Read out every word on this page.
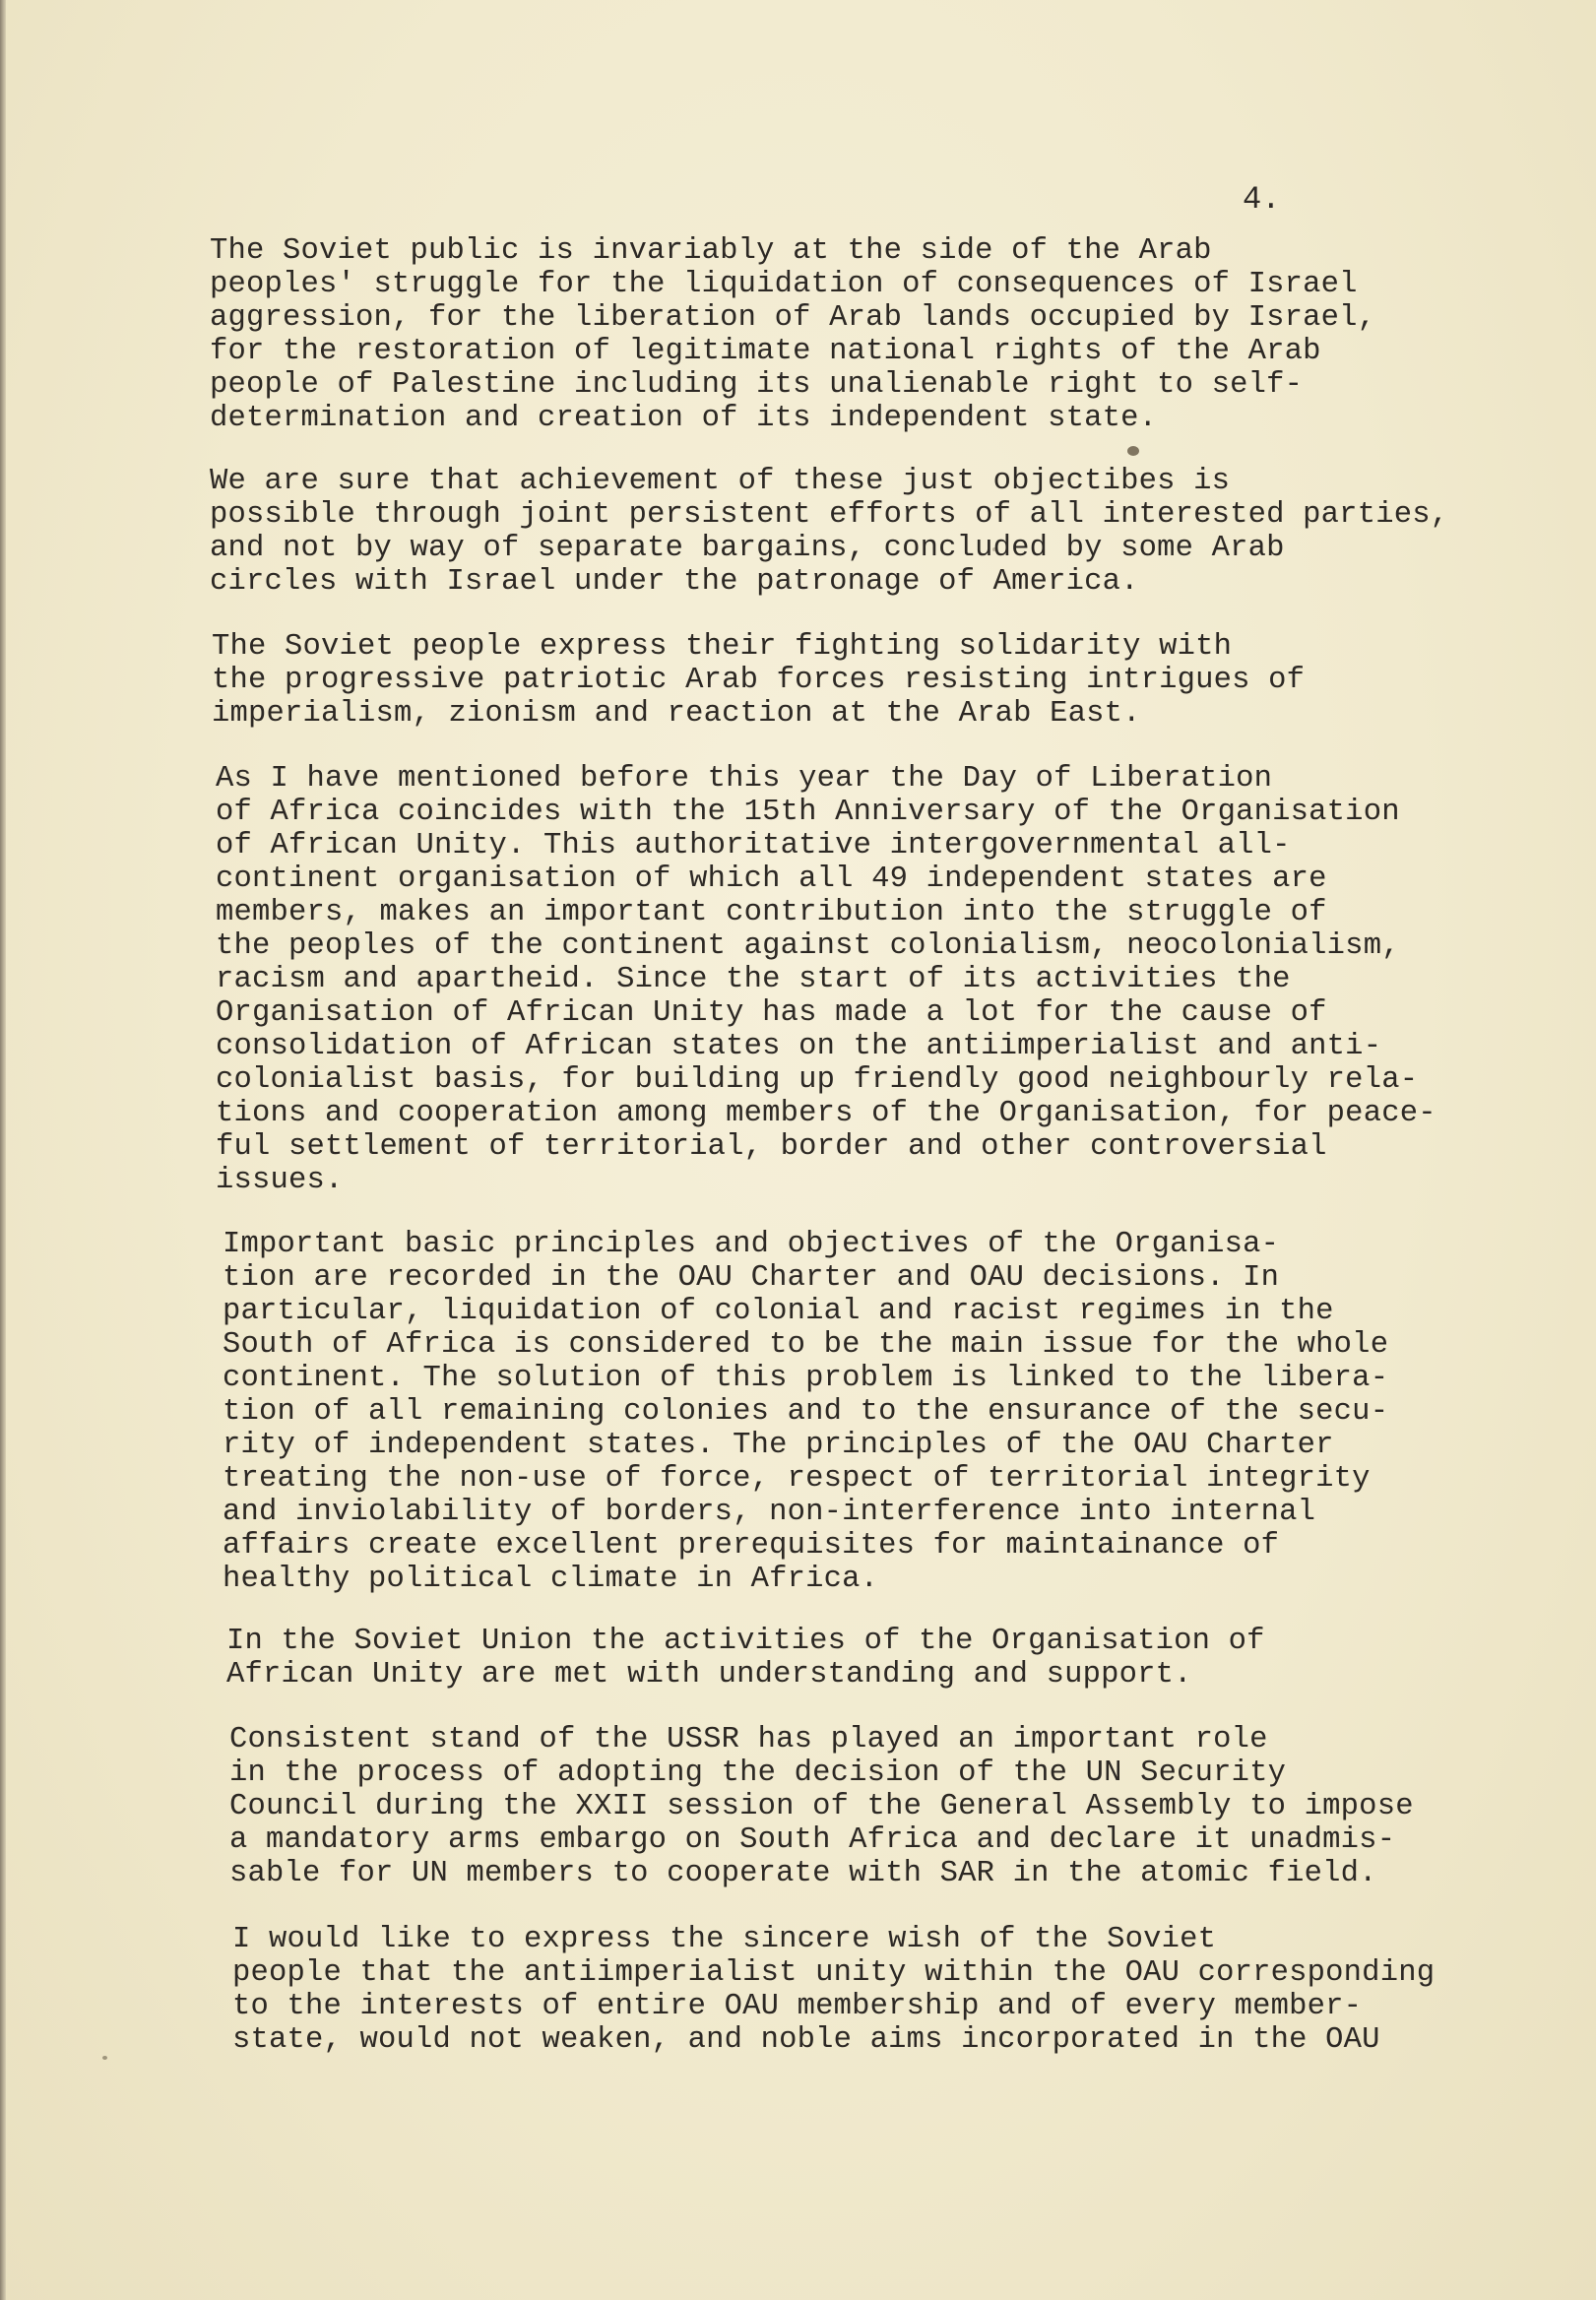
4.
The Soviet public is invariably at the side of the Arab
peoples' struggle for the liquidation of consequences of Israel
aggression, for the liberation of Arab lands occupied by Israel,
for the restoration of legitimate national rights of the Arab
people of Palestine including its unalienable right to self-
determination and creation of its independent state.
We are sure that achievement of these just objectibes is
possible through joint persistent efforts of all interested parties,
and not by way of separate bargains, concluded by some Arab
circles with Israel under the patronage of America.
The Soviet people express their fighting solidarity with
the progressive patriotic Arab forces resisting intrigues of
imperialism, zionism and reaction at the Arab East.
As I have mentioned before this year the Day of Liberation
of Africa coincides with the 15th Anniversary of the Organisation
of African Unity. This authoritative intergovernmental all-
continent organisation of which all 49 independent states are
members, makes an important contribution into the struggle of
the peoples of the continent against colonialism, neocolonialism,
racism and apartheid. Since the start of its activities the
Organisation of African Unity has made a lot for the cause of
consolidation of African states on the antiimperialist and anti-
colonialist basis, for building up friendly good neighbourly rela-
tions and cooperation among members of the Organisation, for peace-
ful settlement of territorial, border and other controversial
issues.
Important basic principles and objectives of the Organisa-
tion are recorded in the OAU Charter and OAU decisions. In
particular, liquidation of colonial and racist regimes in the
South of Africa is considered to be the main issue for the whole
continent. The solution of this problem is linked to the libera-
tion of all remaining colonies and to the ensurance of the secu-
rity of independent states. The principles of the OAU Charter
treating the non-use of force, respect of territorial integrity
and inviolability of borders, non-interference into internal
affairs create excellent prerequisites for maintainance of
healthy political climate in Africa.
In the Soviet Union the activities of the Organisation of
African Unity are met with understanding and support.
Consistent stand of the USSR has played an important role
in the process of adopting the decision of the UN Security
Council during the XXII session of the General Assembly to impose
a mandatory arms embargo on South Africa and declare it unadmis-
sable for UN members to cooperate with SAR in the atomic field.
I would like to express the sincere wish of the Soviet
people that the antiimperialist unity within the OAU corresponding
to the interests of entire OAU membership and of every member-
state, would not weaken, and noble aims incorporated in the OAU
